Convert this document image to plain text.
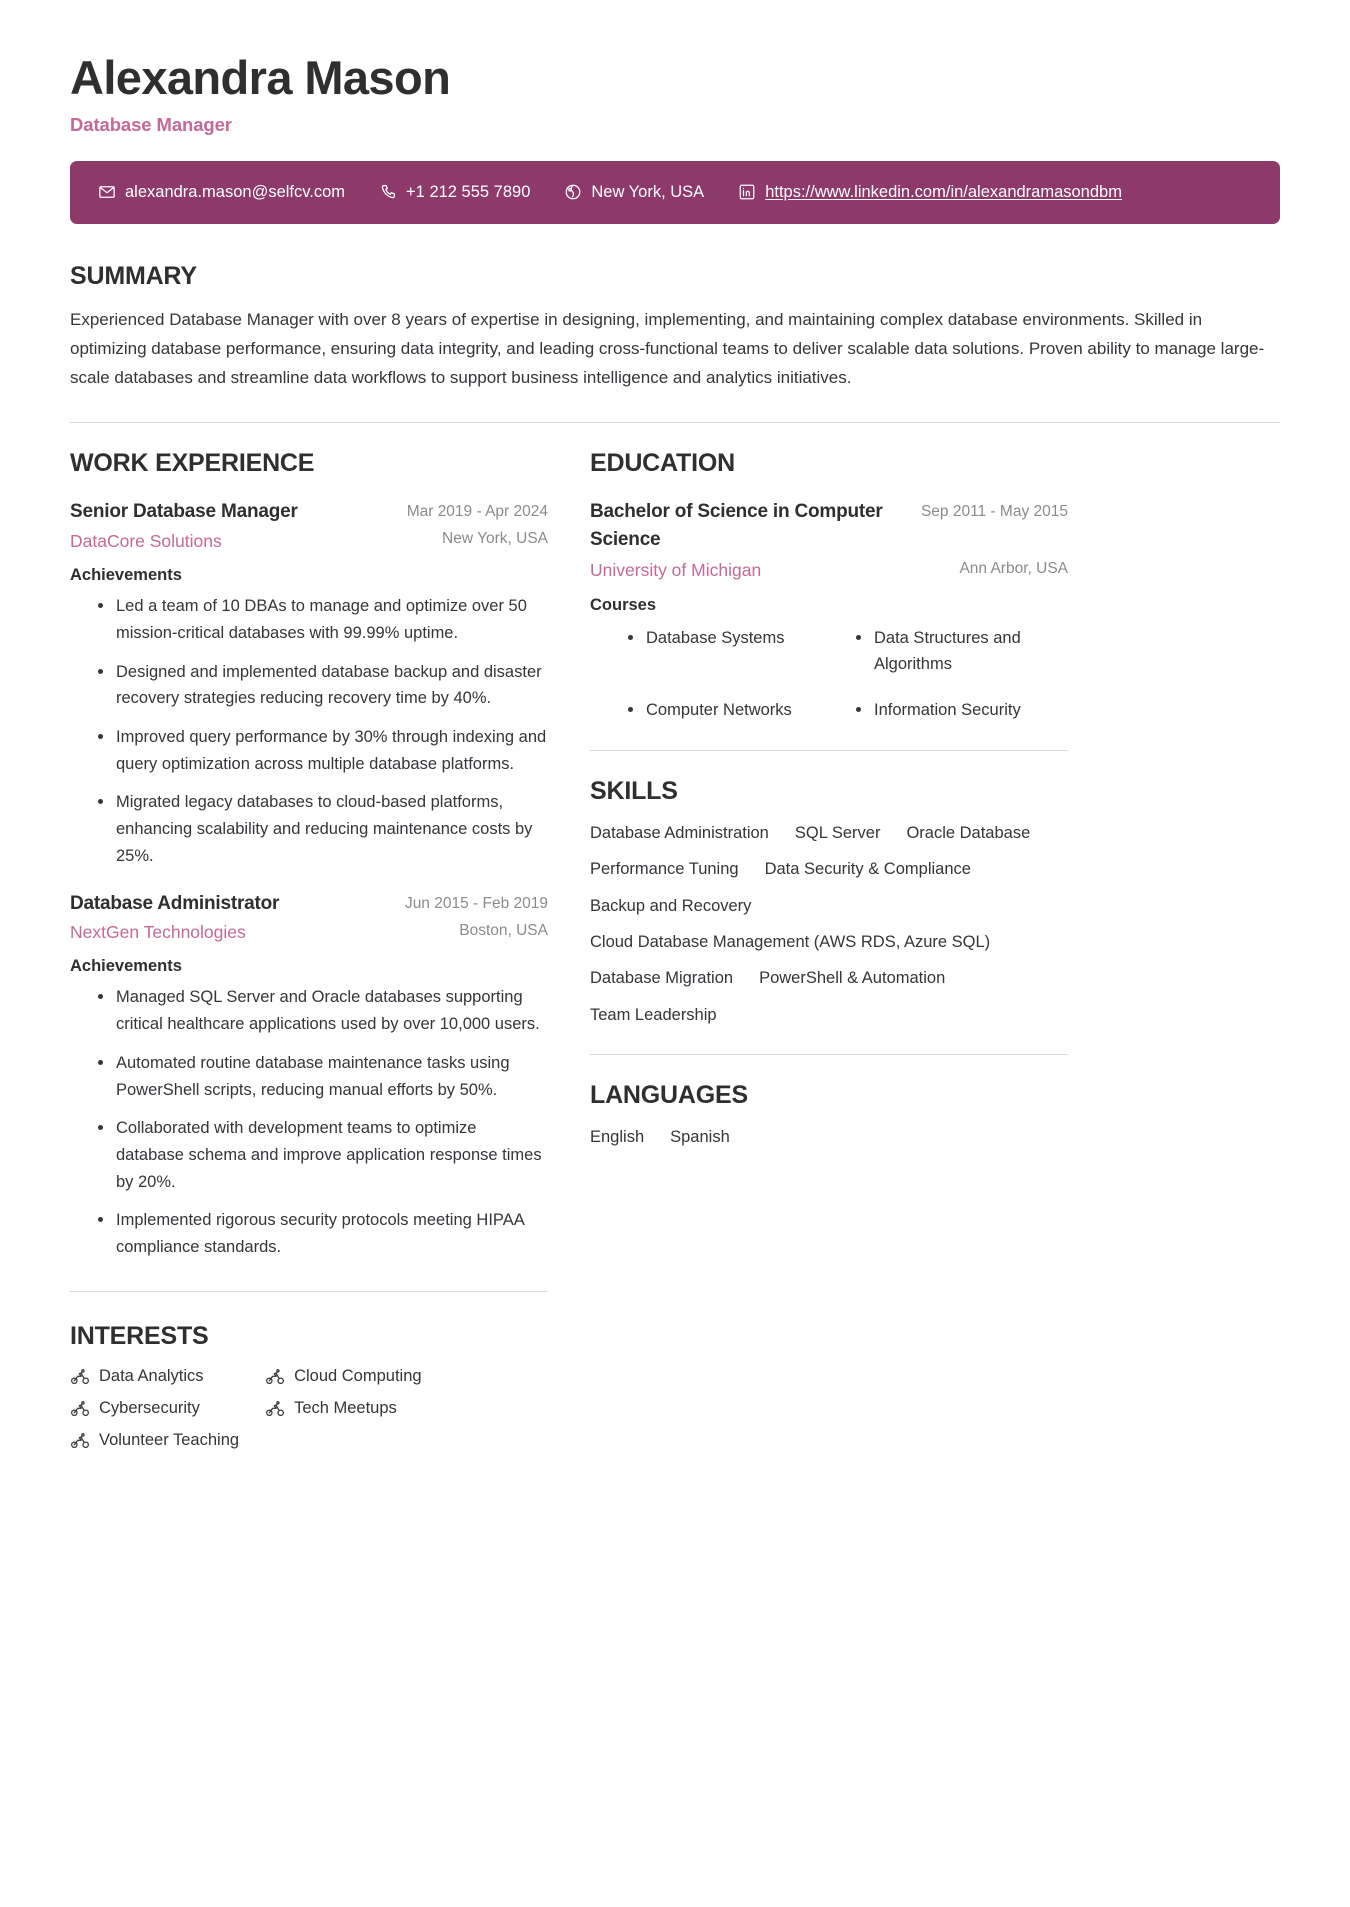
Alexandra Mason
Database Manager
alexandra.mason@selfcv.com	+1 212 555 7890	New York, USA	https://www.linkedin.com/in/alexandramasondbm
SUMMARY
Experienced Database Manager with over 8 years of expertise in designing, implementing, and maintaining complex database environments. Skilled in optimizing database performance, ensuring data integrity, and leading cross-functional teams to deliver scalable data solutions. Proven ability to manage large-scale databases and streamline data workflows to support business intelligence and analytics initiatives.
WORK EXPERIENCE
Senior Database Manager
DataCore Solutions
Mar 2019 - Apr 2024
New York, USA
Achievements
Led a team of 10 DBAs to manage and optimize over 50 mission-critical databases with 99.99% uptime.
Designed and implemented database backup and disaster recovery strategies reducing recovery time by 40%.
Improved query performance by 30% through indexing and query optimization across multiple database platforms.
Migrated legacy databases to cloud-based platforms, enhancing scalability and reducing maintenance costs by 25%.
Database Administrator
NextGen Technologies
Jun 2015 - Feb 2019
Boston, USA
Achievements
Managed SQL Server and Oracle databases supporting critical healthcare applications used by over 10,000 users.
Automated routine database maintenance tasks using PowerShell scripts, reducing manual efforts by 50%.
Collaborated with development teams to optimize database schema and improve application response times by 20%.
Implemented rigorous security protocols meeting HIPAA compliance standards.
INTERESTS
Data Analytics	Cloud Computing
Cybersecurity	Tech Meetups
Volunteer Teaching
EDUCATION
Bachelor of Science in Computer Science
Sep 2011 - May 2015
University of Michigan	Ann Arbor, USA
Courses
Database Systems	Data Structures and Algorithms
Computer Networks	Information Security
SKILLS
Database Administration SQL Server Oracle Database
Performance Tuning Data Security & Compliance
Backup and Recovery
Cloud Database Management (AWS RDS, Azure SQL)
Database Migration PowerShell & Automation
Team Leadership
LANGUAGES
English Spanish
